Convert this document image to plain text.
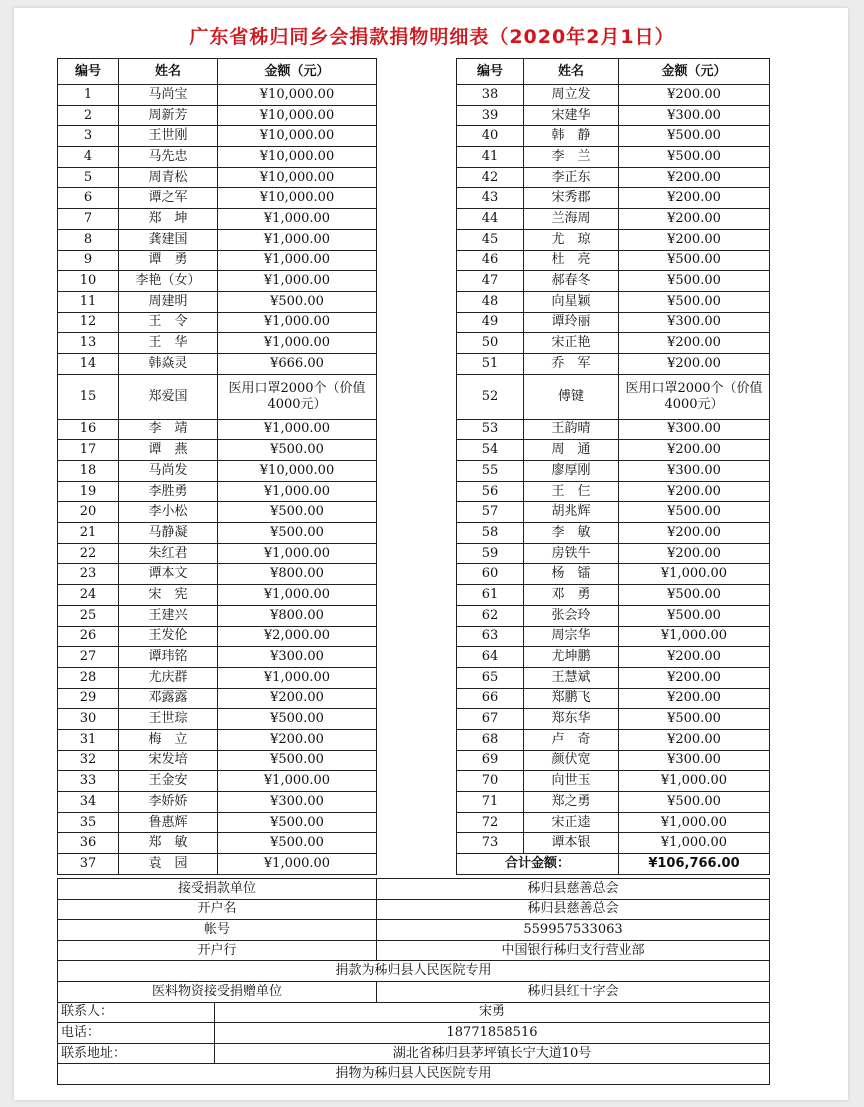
广东省秭归同乡会捐款捐物明细表（2020年2月1日）
编号	姓名	金额（元）
1	马尚宝	¥10,000.00
2	周新芳	¥10,000.00
3	王世刚	¥10,000.00
4	马先忠	¥10,000.00
5	周青松	¥10,000.00
6	谭之军	¥10,000.00
7	郑　坤	¥1,000.00
8	龚建国	¥1,000.00
9	谭　勇	¥1,000.00
10	李艳（女）	¥1,000.00
11	周建明	¥500.00
12	王　令	¥1,000.00
13	王　华	¥1,000.00
14	韩焱灵	¥666.00
15	郑爱国	医用口罩2000个（价值4000元）
16	李　靖	¥1,000.00
17	谭　燕	¥500.00
18	马尚发	¥10,000.00
19	李胜勇	¥1,000.00
20	李小松	¥500.00
21	马静凝	¥500.00
22	朱红君	¥1,000.00
23	谭本文	¥800.00
24	宋　宪	¥1,000.00
25	王建兴	¥800.00
26	王发伦	¥2,000.00
27	谭玮铭	¥300.00
28	尤庆群	¥1,000.00
29	邓露露	¥200.00
30	王世琮	¥500.00
31	梅　立	¥200.00
32	宋发培	¥500.00
33	王金安	¥1,000.00
34	李娇娇	¥300.00
35	鲁惠辉	¥500.00
36	郑　敏	¥500.00
37	袁　园	¥1,000.00
编号	姓名	金额（元）
38	周立发	¥200.00
39	宋建华	¥300.00
40	韩　静	¥500.00
41	李　兰	¥500.00
42	李正东	¥200.00
43	宋秀郡	¥200.00
44	兰海周	¥200.00
45	尤　琼	¥200.00
46	杜　亮	¥500.00
47	郝春冬	¥500.00
48	向星颖	¥500.00
49	谭玲丽	¥300.00
50	宋正艳	¥200.00
51	乔　军	¥200.00
52	傅键	医用口罩2000个（价值4000元）
53	王韵晴	¥300.00
54	周　通	¥200.00
55	廖厚刚	¥300.00
56	王　仨	¥200.00
57	胡兆辉	¥500.00
58	李　敏	¥200.00
59	房铁牛	¥200.00
60	杨　镭	¥1,000.00
61	邓　勇	¥500.00
62	张会玲	¥500.00
63	周宗华	¥1,000.00
64	尤坤鹏	¥200.00
65	王慧斌	¥200.00
66	郑鹏飞	¥200.00
67	郑东华	¥500.00
68	卢　奇	¥200.00
69	颜伏宽	¥300.00
70	向世玉	¥1,000.00
71	郑之勇	¥500.00
72	宋正逵	¥1,000.00
73	谭本银	¥1,000.00
合计金额：		¥106,766.00
接受捐款单位		秭归县慈善总会
开户名		秭归县慈善总会
帐号		559957533063
开户行		中国银行秭归支行营业部
捐款为秭归县人民医院专用		
医料物资接受捐赠单位		秭归县红十字会
联系人：	宋勇	
电话：	18771858516	
联系地址：	湖北省秭归县茅坪镇长宁大道10号	
捐物为秭归县人民医院专用		
